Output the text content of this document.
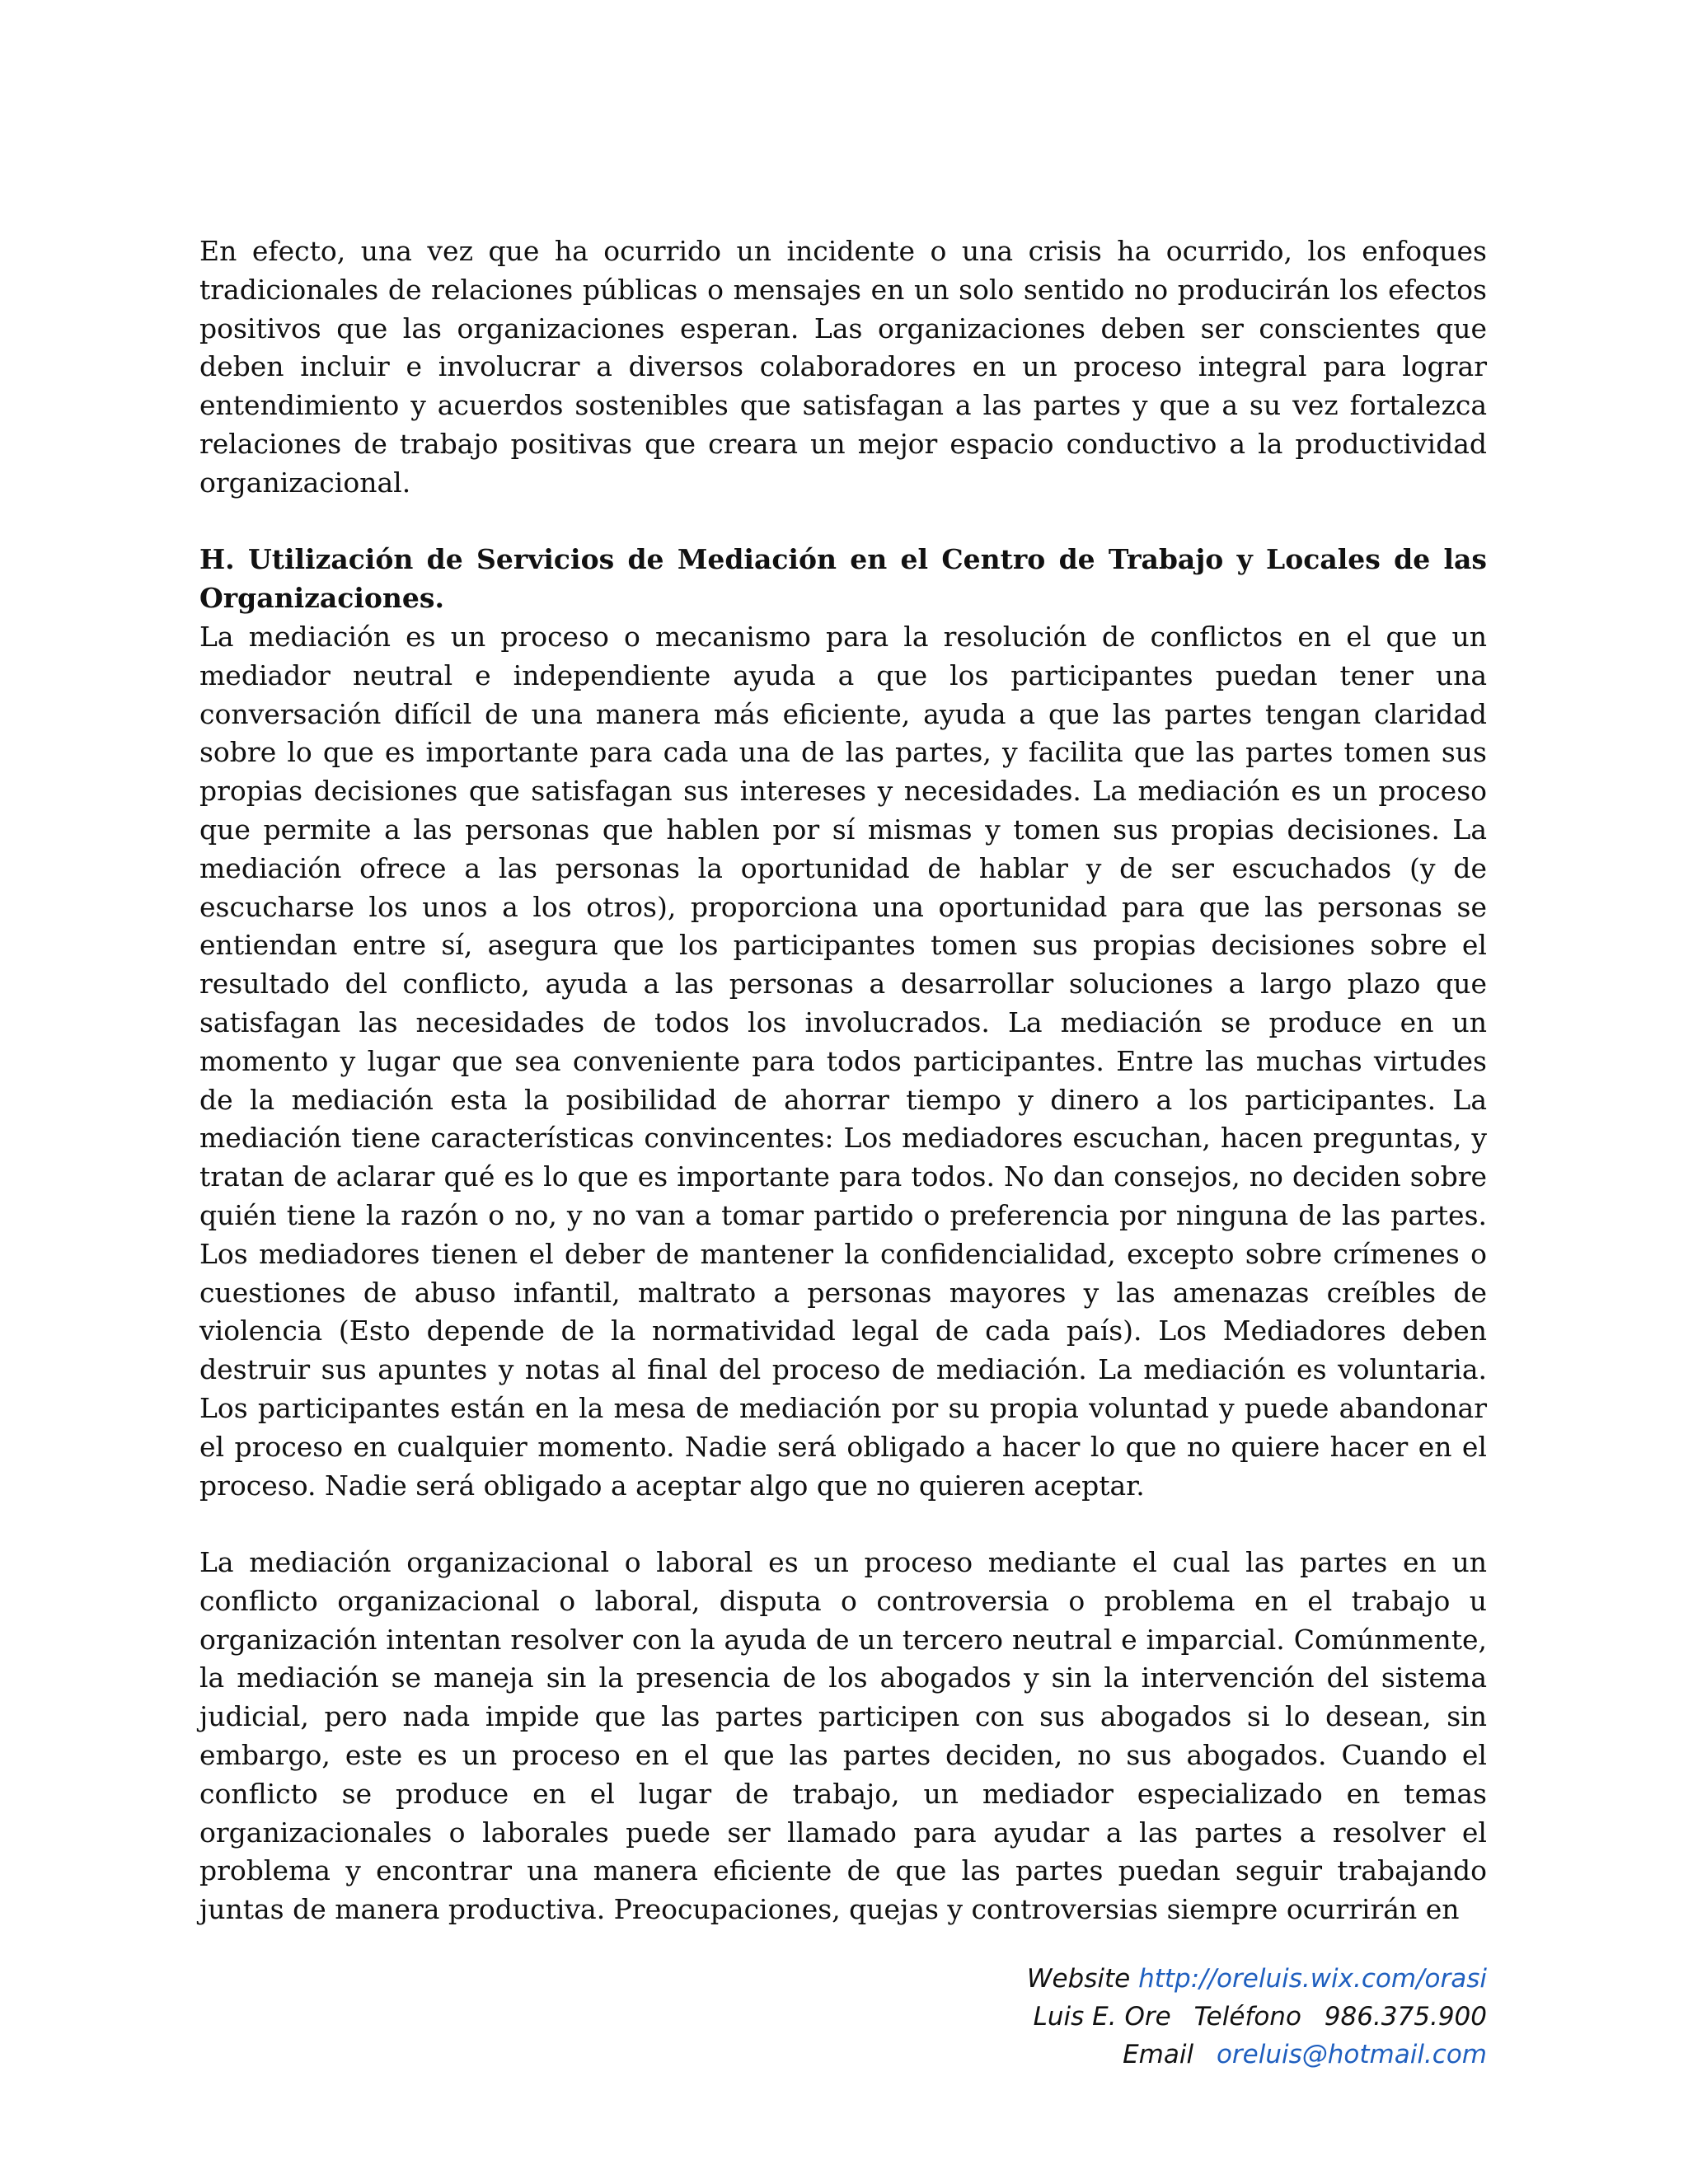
En efecto, una vez que ha ocurrido un incidente o una crisis ha ocurrido, los enfoques tradicionales de relaciones públicas o mensajes en un solo sentido no producirán los efectos positivos que las organizaciones esperan. Las organizaciones deben ser conscientes que deben incluir e involucrar a diversos colaboradores en un proceso integral para lograr entendimiento y acuerdos sostenibles que satisfagan a las partes y que a su vez fortalezca relaciones de trabajo positivas que creara un mejor espacio conductivo a la productividad organizacional.

H. Utilización de Servicios de Mediación en el Centro de Trabajo y Locales de las Organizaciones.

La mediación es un proceso o mecanismo para la resolución de conflictos en el que un mediador neutral e independiente ayuda a que los participantes puedan tener una conversación difícil de una manera más eficiente, ayuda a que las partes tengan claridad sobre lo que es importante para cada una de las partes, y facilita que las partes tomen sus propias decisiones que satisfagan sus intereses y necesidades. La mediación es un proceso que permite a las personas que hablen por sí mismas y tomen sus propias decisiones. La mediación ofrece a las personas la oportunidad de hablar y de ser escuchados (y de escucharse los unos a los otros), proporciona una oportunidad para que las personas se entiendan entre sí, asegura que los participantes tomen sus propias decisiones sobre el resultado del conflicto, ayuda a las personas a desarrollar soluciones a largo plazo que satisfagan las necesidades de todos los involucrados. La mediación se produce en un momento y lugar que sea conveniente para todos participantes. Entre las muchas virtudes de la mediación esta la posibilidad de ahorrar tiempo y dinero a los participantes. La mediación tiene características convincentes: Los mediadores escuchan, hacen preguntas, y tratan de aclarar qué es lo que es importante para todos. No dan consejos, no deciden sobre quién tiene la razón o no, y no van a tomar partido o preferencia por ninguna de las partes. Los mediadores tienen el deber de mantener la confidencialidad, excepto sobre crímenes o cuestiones de abuso infantil, maltrato a personas mayores y las amenazas creíbles de violencia (Esto depende de la normatividad legal de cada país). Los Mediadores deben destruir sus apuntes y notas al final del proceso de mediación. La mediación es voluntaria. Los participantes están en la mesa de mediación por su propia voluntad y puede abandonar el proceso en cualquier momento. Nadie será obligado a hacer lo que no quiere hacer en el proceso. Nadie será obligado a aceptar algo que no quieren aceptar.

La mediación organizacional o laboral es un proceso mediante el cual las partes en un conflicto organizacional o laboral, disputa o controversia o problema en el trabajo u organización intentan resolver con la ayuda de un tercero neutral e imparcial. Comúnmente, la mediación se maneja sin la presencia de los abogados y sin la intervención del sistema judicial, pero nada impide que las partes participen con sus abogados si lo desean, sin embargo, este es un proceso en el que las partes deciden, no sus abogados. Cuando el conflicto se produce en el lugar de trabajo, un mediador especializado en temas organizacionales o laborales puede ser llamado para ayudar a las partes a resolver el problema y encontrar una manera eficiente de que las partes puedan seguir trabajando juntas de manera productiva. Preocupaciones, quejas y controversias siempre ocurrirán en

Website http://oreluis.wix.com/orasi
Luis E. Ore Teléfono 986.375.900
Email oreluis@hotmail.com
